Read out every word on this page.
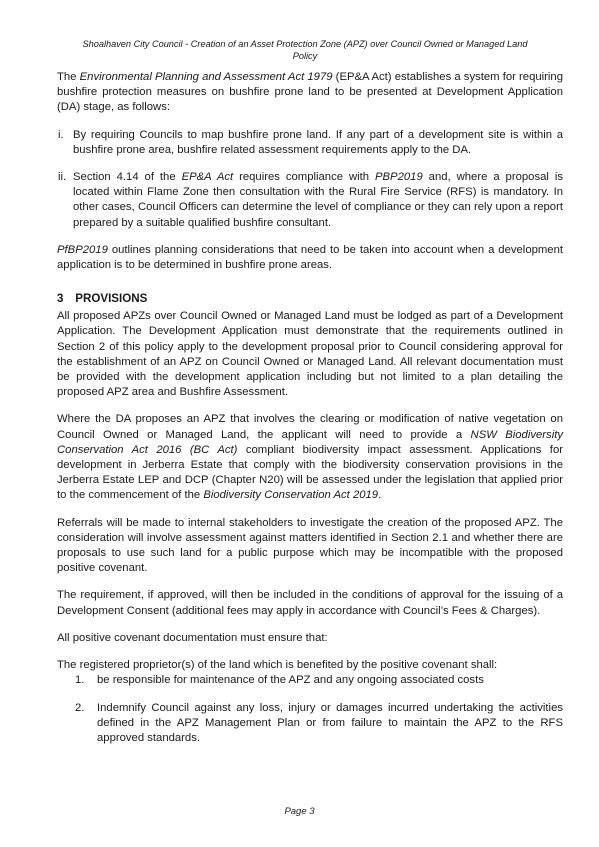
Shoalhaven City Council - Creation of an Asset Protection Zone (APZ) over Council Owned or Managed Land
Policy

The Environmental Planning and Assessment Act 1979 (EP&A Act) establishes a system for requiring bushfire protection measures on bushfire prone land to be presented at Development Application (DA) stage, as follows:

i. By requiring Councils to map bushfire prone land. If any part of a development site is within a bushfire prone area, bushfire related assessment requirements apply to the DA.
ii. Section 4.14 of the EP&A Act requires compliance with PBP2019 and, where a proposal is located within Flame Zone then consultation with the Rural Fire Service (RFS) is mandatory. In other cases, Council Officers can determine the level of compliance or they can rely upon a report prepared by a suitable qualified bushfire consultant.

PfBP2019 outlines planning considerations that need to be taken into account when a development application is to be determined in bushfire prone areas.

3 PROVISIONS

All proposed APZs over Council Owned or Managed Land must be lodged as part of a Development Application. The Development Application must demonstrate that the requirements outlined in Section 2 of this policy apply to the development proposal prior to Council considering approval for the establishment of an APZ on Council Owned or Managed Land. All relevant documentation must be provided with the development application including but not limited to a plan detailing the proposed APZ area and Bushfire Assessment.

Where the DA proposes an APZ that involves the clearing or modification of native vegetation on Council Owned or Managed Land, the applicant will need to provide a NSW Biodiversity Conservation Act 2016 (BC Act) compliant biodiversity impact assessment. Applications for development in Jerberra Estate that comply with the biodiversity conservation provisions in the Jerberra Estate LEP and DCP (Chapter N20) will be assessed under the legislation that applied prior to the commencement of the Biodiversity Conservation Act 2019.

Referrals will be made to internal stakeholders to investigate the creation of the proposed APZ. The consideration will involve assessment against matters identified in Section 2.1 and whether there are proposals to use such land for a public purpose which may be incompatible with the proposed positive covenant.

The requirement, if approved, will then be included in the conditions of approval for the issuing of a Development Consent (additional fees may apply in accordance with Council’s Fees & Charges).

All positive covenant documentation must ensure that:

The registered proprietor(s) of the land which is benefited by the positive covenant shall:

1.	be responsible for maintenance of the APZ and any ongoing associated costs
2.	Indemnify Council against any loss, injury or damages incurred undertaking the activities defined in the APZ Management Plan or from failure to maintain the APZ to the RFS approved standards.
Page 3
